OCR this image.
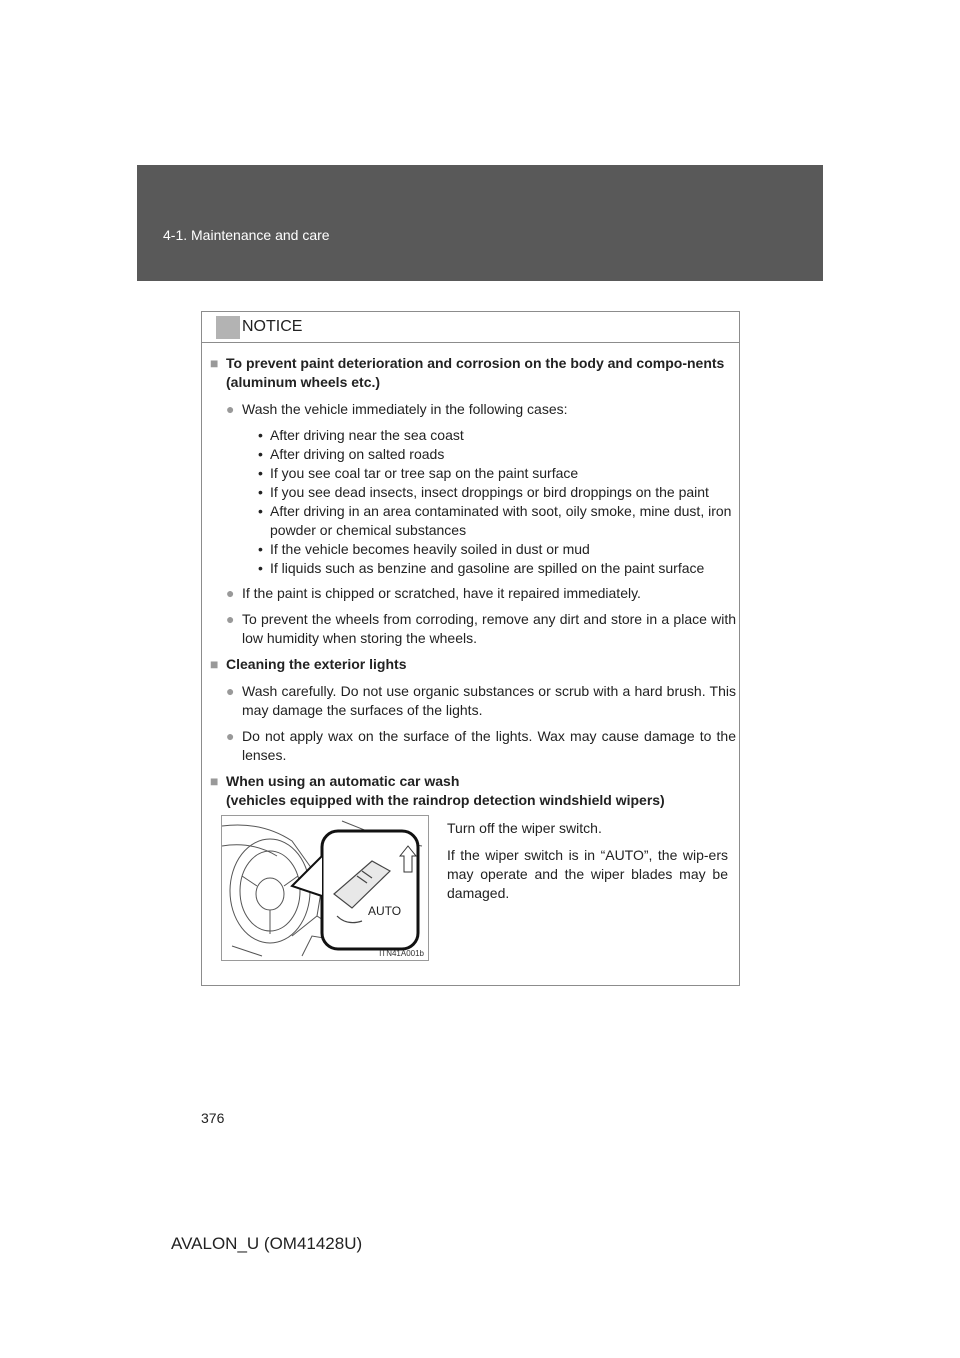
4-1. Maintenance and care
NOTICE
■ To prevent paint deterioration and corrosion on the body and compo-nents (aluminum wheels etc.)
● Wash the vehicle immediately in the following cases:
• After driving near the sea coast
• After driving on salted roads
• If you see coal tar or tree sap on the paint surface
• If you see dead insects, insect droppings or bird droppings on the paint
• After driving in an area contaminated with soot, oily smoke, mine dust, iron powder or chemical substances
• If the vehicle becomes heavily soiled in dust or mud
• If liquids such as benzine and gasoline are spilled on the paint surface
● If the paint is chipped or scratched, have it repaired immediately.
● To prevent the wheels from corroding, remove any dirt and store in a place with low humidity when storing the wheels.
■ Cleaning the exterior lights
● Wash carefully. Do not use organic substances or scrub with a hard brush. This may damage the surfaces of the lights.
● Do not apply wax on the surface of the lights. Wax may cause damage to the lenses.
■ When using an automatic car wash
(vehicles equipped with the raindrop detection windshield wipers)
AUTO
ITN41A001b

Turn off the wiper switch.

If the wiper switch is in “AUTO”, the wip-ers may operate and the wiper blades may be damaged.

376
AVALON_U (OM41428U)
